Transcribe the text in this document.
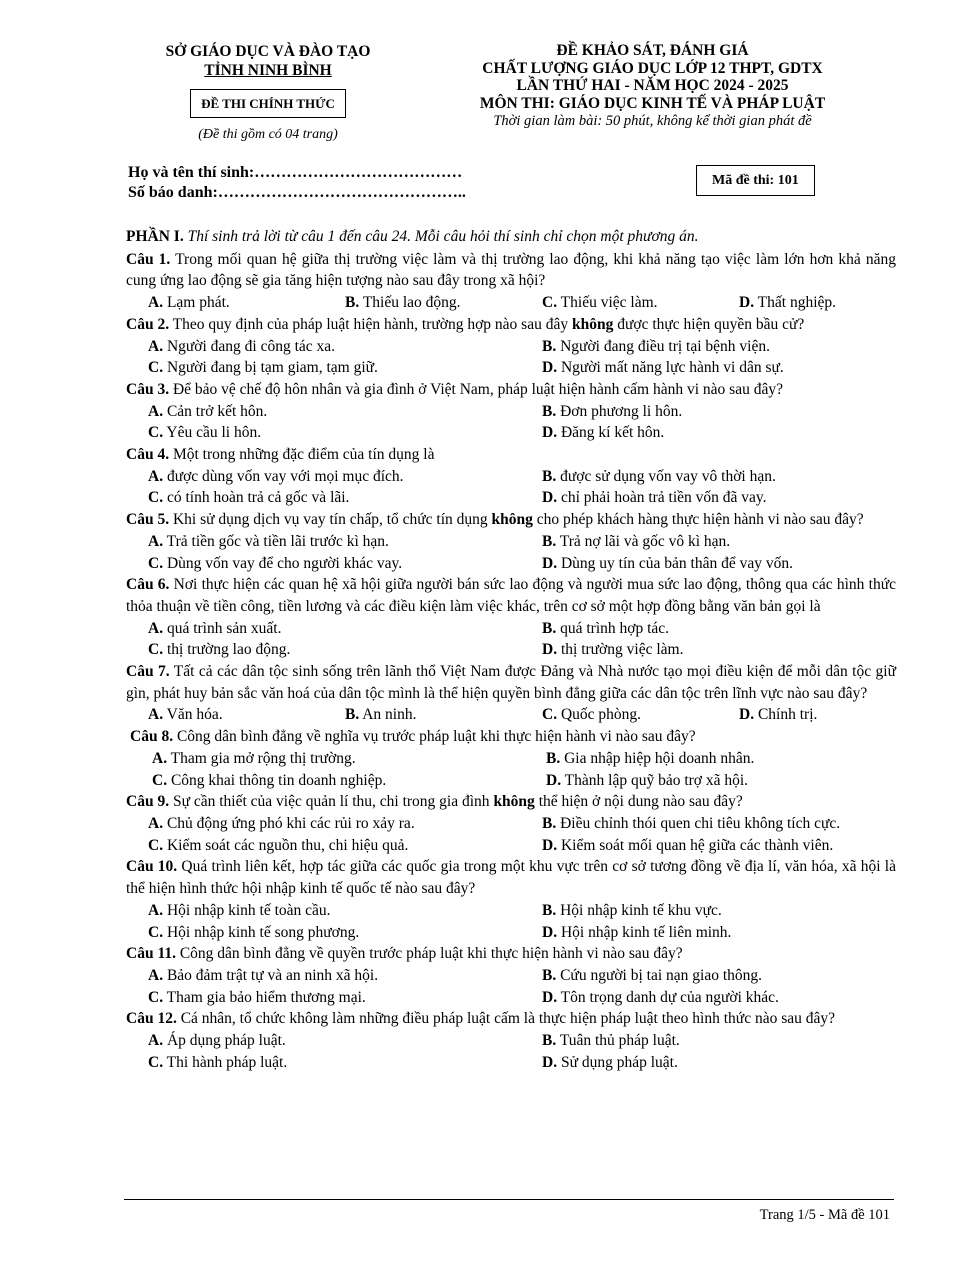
SỞ GIÁO DỤC VÀ ĐÀO TẠO
TỈNH NINH BÌNH
ĐỀ THI CHÍNH THỨC
(Đề thi gồm có 04 trang)
ĐỀ KHẢO SÁT, ĐÁNH GIÁ
CHẤT LƯỢNG GIÁO DỤC LỚP 12 THPT, GDTX
LẦN THỨ HAI - NĂM HỌC 2024 - 2025
MÔN THI: GIÁO DỤC KINH TẾ VÀ PHÁP LUẬT
Thời gian làm bài: 50 phút, không kể thời gian phát đề
Họ và tên thí sinh:…………………………………
Số báo danh:………………………………………..
Mã đề thi: 101
PHẦN I. Thí sinh trả lời từ câu 1 đến câu 24. Mỗi câu hỏi thí sinh chỉ chọn một phương án.
Câu 1. Trong mối quan hệ giữa thị trường việc làm và thị trường lao động, khi khả năng tạo việc làm lớn hơn khả năng cung ứng lao động sẽ gia tăng hiện tượng nào sau đây trong xã hội?
A. Lạm phát.	B. Thiếu lao động.	C. Thiếu việc làm.	D. Thất nghiệp.
Câu 2. Theo quy định của pháp luật hiện hành, trường hợp nào sau đây không được thực hiện quyền bầu cử?
A. Người đang đi công tác xa.	B. Người đang điều trị tại bệnh viện.
C. Người đang bị tạm giam, tạm giữ.	D. Người mất năng lực hành vi dân sự.
Câu 3. Để bảo vệ chế độ hôn nhân và gia đình ở Việt Nam, pháp luật hiện hành cấm hành vi nào sau đây?
A. Cản trở kết hôn.	B. Đơn phương li hôn.
C. Yêu cầu li hôn.	D. Đăng kí kết hôn.
Câu 4. Một trong những đặc điểm của tín dụng là
A. được dùng vốn vay với mọi mục đích.	B. được sử dụng vốn vay vô thời hạn.
C. có tính hoàn trả cả gốc và lãi.	D. chỉ phải hoàn trả tiền vốn đã vay.
Câu 5. Khi sử dụng dịch vụ vay tín chấp, tổ chức tín dụng không cho phép khách hàng thực hiện hành vi nào sau đây?
A. Trả tiền gốc và tiền lãi trước kì hạn.	B. Trả nợ lãi và gốc vô kì hạn.
C. Dùng vốn vay để cho người khác vay.	D. Dùng uy tín của bản thân để vay vốn.
Câu 6. Nơi thực hiện các quan hệ xã hội giữa người bán sức lao động và người mua sức lao động, thông qua các hình thức thỏa thuận về tiền công, tiền lương và các điều kiện làm việc khác, trên cơ sở một hợp đồng bằng văn bản gọi là
A. quá trình sản xuất.	B. quá trình hợp tác.
C. thị trường lao động.	D. thị trường việc làm.
Câu 7. Tất cả các dân tộc sinh sống trên lãnh thổ Việt Nam được Đảng và Nhà nước tạo mọi điều kiện để mỗi dân tộc giữ gìn, phát huy bản sắc văn hoá của dân tộc mình là thể hiện quyền bình đẳng giữa các dân tộc trên lĩnh vực nào sau đây?
A. Văn hóa.	B. An ninh.	C. Quốc phòng.	D. Chính trị.
Câu 8. Công dân bình đẳng về nghĩa vụ trước pháp luật khi thực hiện hành vi nào sau đây?
A. Tham gia mở rộng thị trường.	B. Gia nhập hiệp hội doanh nhân.
C. Công khai thông tin doanh nghiệp.	D. Thành lập quỹ bảo trợ xã hội.
Câu 9. Sự cần thiết của việc quản lí thu, chi trong gia đình không thể hiện ở nội dung nào sau đây?
A. Chủ động ứng phó khi các rủi ro xảy ra.	B. Điều chỉnh thói quen chi tiêu không tích cực.
C. Kiểm soát các nguồn thu, chi hiệu quả.	D. Kiểm soát mối quan hệ giữa các thành viên.
Câu 10. Quá trình liên kết, hợp tác giữa các quốc gia trong một khu vực trên cơ sở tương đồng về địa lí, văn hóa, xã hội là thể hiện hình thức hội nhập kinh tế quốc tế nào sau đây?
A. Hội nhập kinh tế toàn cầu.	B. Hội nhập kinh tế khu vực.
C. Hội nhập kinh tế song phương.	D. Hội nhập kinh tế liên minh.
Câu 11. Công dân bình đẳng về quyền trước pháp luật khi thực hiện hành vi nào sau đây?
A. Bảo đảm trật tự và an ninh xã hội.	B. Cứu người bị tai nạn giao thông.
C. Tham gia bảo hiểm thương mại.	D. Tôn trọng danh dự của người khác.
Câu 12. Cá nhân, tổ chức không làm những điều pháp luật cấm là thực hiện pháp luật theo hình thức nào sau đây?
A. Áp dụng pháp luật.	B. Tuân thủ pháp luật.
C. Thi hành pháp luật.	D. Sử dụng pháp luật.
Trang 1/5 - Mã đề 101
